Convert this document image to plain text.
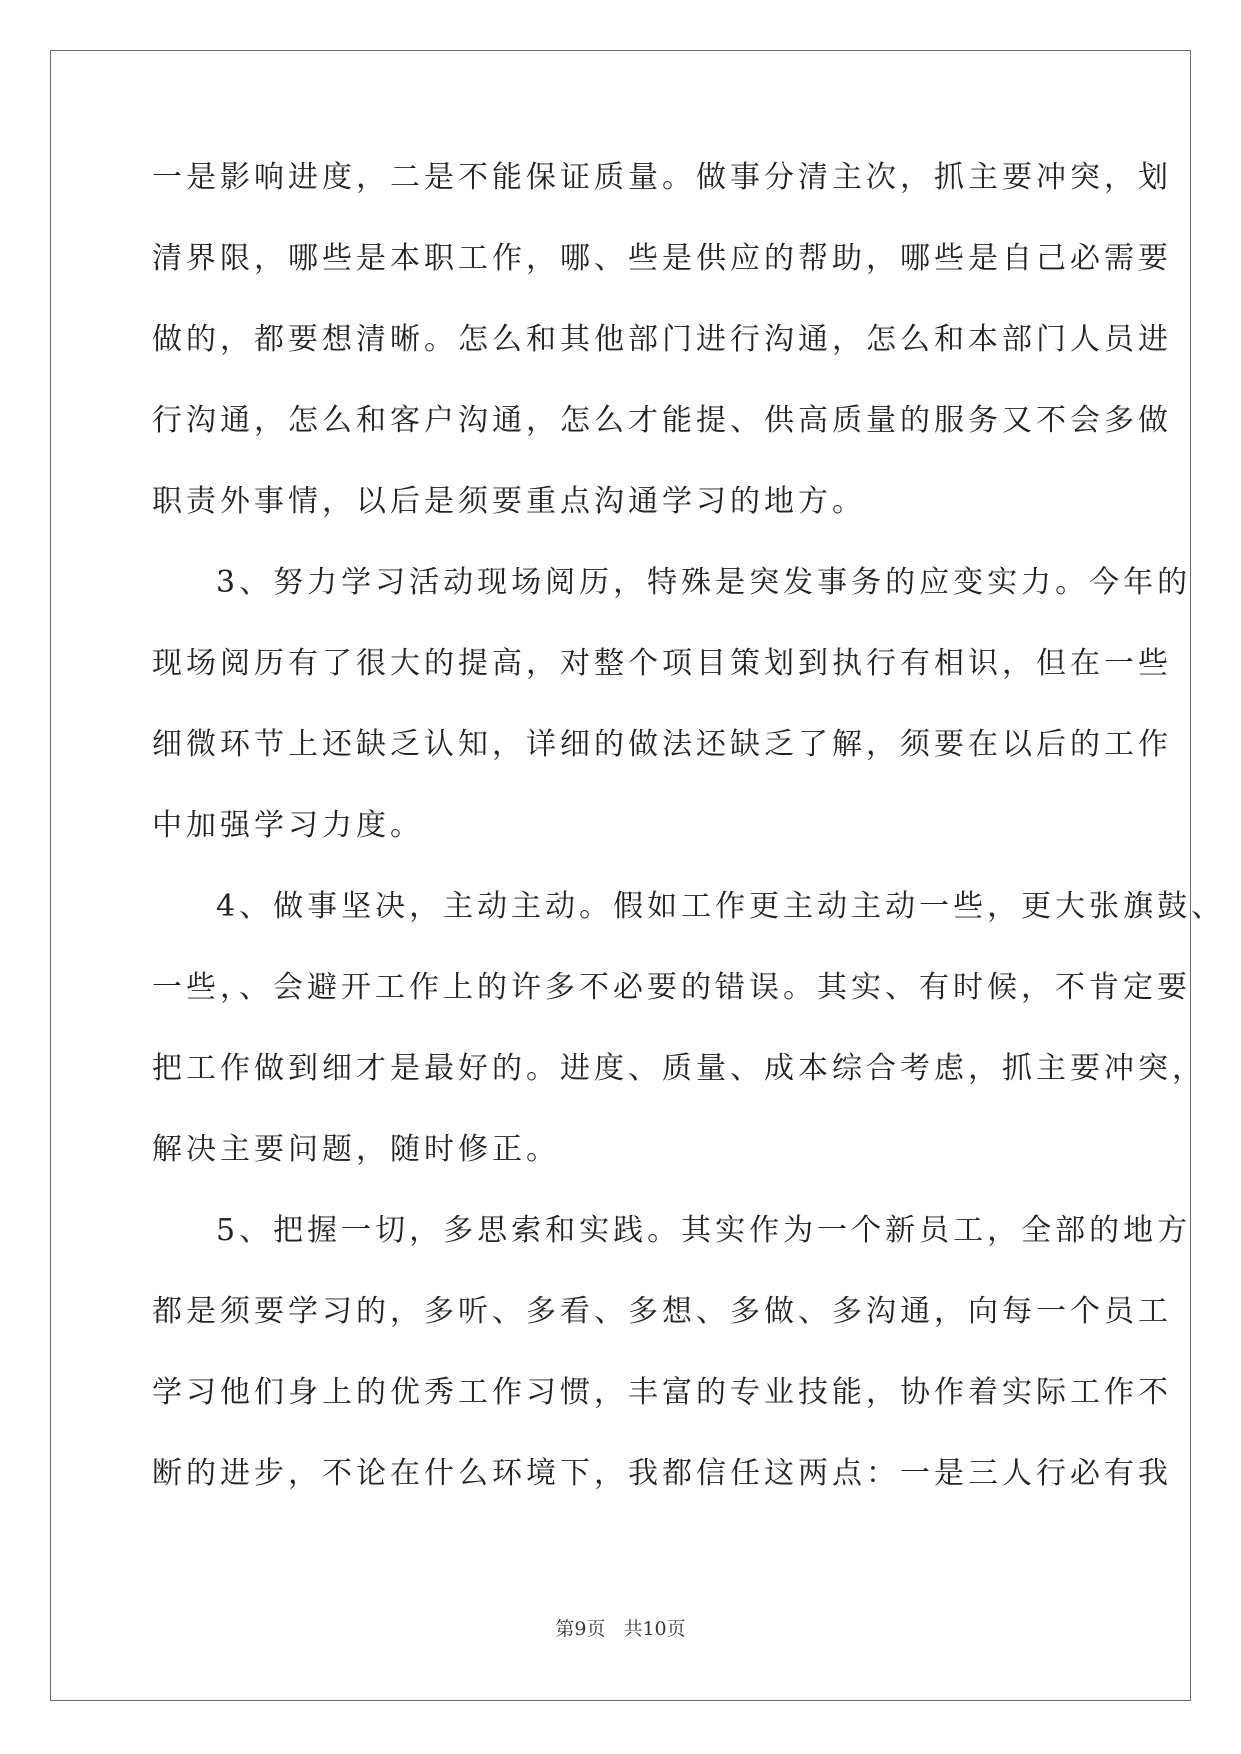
一是影响进度，二是不能保证质量。做事分清主次，抓主要冲突，划
清界限，哪些是本职工作，哪、些是供应的帮助，哪些是自己必需要
做的，都要想清晰。怎么和其他部门进行沟通，怎么和本部门人员进
行沟通，怎么和客户沟通，怎么才能提、供高质量的服务又不会多做
职责外事情，以后是须要重点沟通学习的地方。
3、努力学习活动现场阅历，特殊是突发事务的应变实力。今年的
现场阅历有了很大的提高，对整个项目策划到执行有相识，但在一些
细微环节上还缺乏认知，详细的做法还缺乏了解，须要在以后的工作
中加强学习力度。
4、做事坚决，主动主动。假如工作更主动主动一些，更大张旗鼓、
一些，、会避开工作上的许多不必要的错误。其实、有时候，不肯定要
把工作做到细才是最好的。进度、质量、成本综合考虑，抓主要冲突，
解决主要问题，随时修正。
5、把握一切，多思索和实践。其实作为一个新员工，全部的地方
都是须要学习的，多听、多看、多想、多做、多沟通，向每一个员工
学习他们身上的优秀工作习惯，丰富的专业技能，协作着实际工作不
断的进步，不论在什么环境下，我都信任这两点：一是三人行必有我
第9页 共10页
